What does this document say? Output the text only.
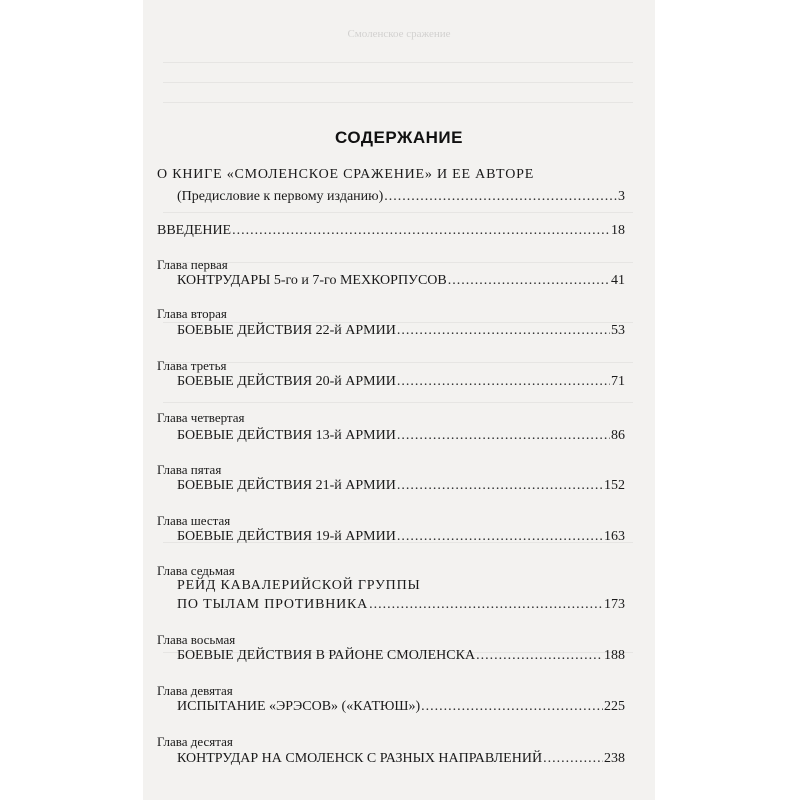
Смоленское сражение
СОДЕРЖАНИЕ
О КНИГЕ «СМОЛЕНСКОЕ СРАЖЕНИЕ» И ЕЕ АВТОРЕ
(Предисловие к первому изданию) .....	3
ВВЕДЕНИЕ .....	18
Глава первая
КОНТРУДАРЫ 5-го и 7-го МЕХКОРПУСОВ .....	41
Глава вторая
БОЕВЫЕ ДЕЙСТВИЯ 22-й АРМИИ .....	53
Глава третья
БОЕВЫЕ ДЕЙСТВИЯ 20-й АРМИИ .....	71
Глава четвертая
БОЕВЫЕ ДЕЙСТВИЯ 13-й АРМИИ .....	86
Глава пятая
БОЕВЫЕ ДЕЙСТВИЯ 21-й АРМИИ .....	152
Глава шестая
БОЕВЫЕ ДЕЙСТВИЯ 19-й АРМИИ .....	163
Глава седьмая
РЕЙД КАВАЛЕРИЙСКОЙ ГРУППЫ
ПО ТЫЛАМ ПРОТИВНИКА .....	173
Глава восьмая
БОЕВЫЕ ДЕЙСТВИЯ В РАЙОНЕ СМОЛЕНСКА .....	188
Глава девятая
ИСПЫТАНИЕ «ЭРЭСОВ» («КАТЮШ») .....	225
Глава десятая
КОНТРУДАР НА СМОЛЕНСК С РАЗНЫХ НАПРАВЛЕНИЙ .....	238
